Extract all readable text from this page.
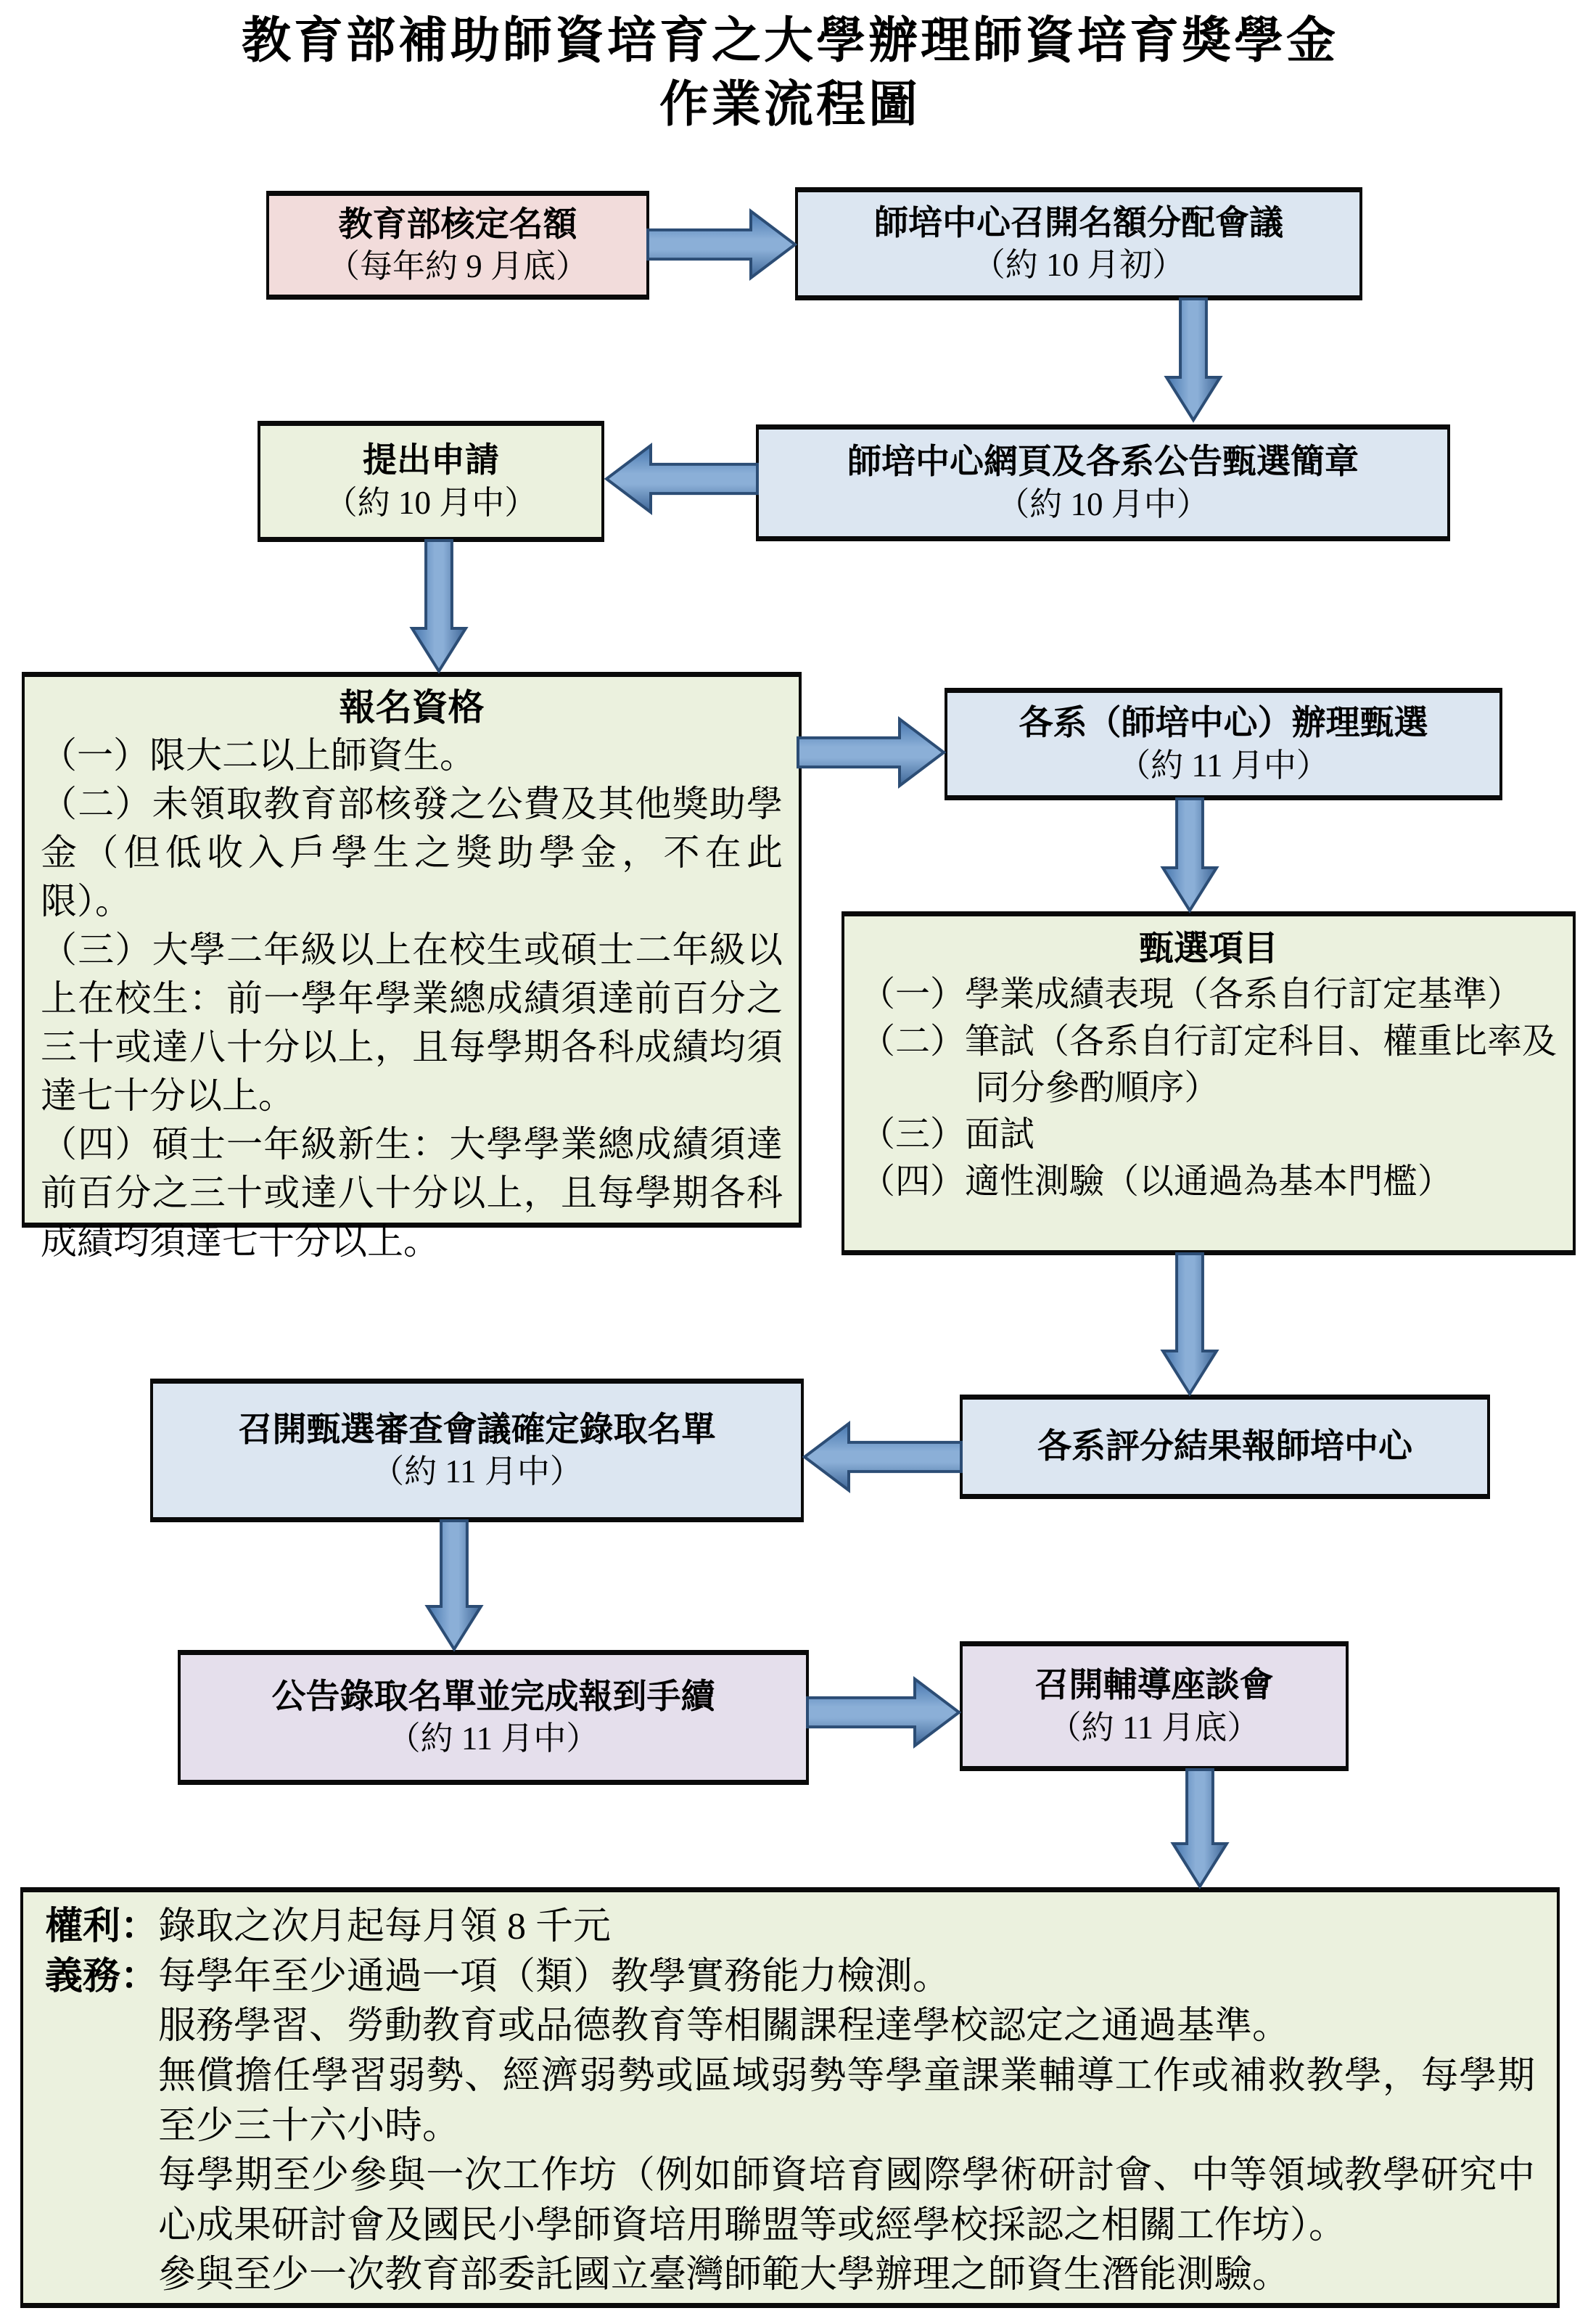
教育部補助師資培育之大學辦理師資培育獎學金
作業流程圖
教育部核定名額
（每年約 9 月底）
師培中心召開名額分配會議
（約 10 月初）
提出申請
（約 10 月中）
師培中心網頁及各系公告甄選簡章
（約 10 月中）
報名資格
（一）限大二以上師資生。
（二）未領取教育部核發之公費及其他獎助學金（但低收入戶學生之獎助學金，不在此限）。
（三）大學二年級以上在校生或碩士二年級以上在校生：前一學年學業總成績須達前百分之三十或達八十分以上，且每學期各科成績均須達七十分以上。
（四）碩士一年級新生：大學學業總成績須達前百分之三十或達八十分以上，且每學期各科成績均須達七十分以上。
各系（師培中心）辦理甄選
（約 11 月中）
甄選項目
（一）學業成績表現（各系自行訂定基準）
（二）筆試（各系自行訂定科目、權重比率及同分參酌順序）
（三）面試
（四）適性測驗（以通過為基本門檻）
召開甄選審查會議確定錄取名單
（約 11 月中）
各系評分結果報師培中心
公告錄取名單並完成報到手續
（約 11 月中）
召開輔導座談會
（約 11 月底）
權利：錄取之次月起每月領 8 千元
義務：每學年至少通過一項（類）教學實務能力檢測。
服務學習、勞動教育或品德教育等相關課程達學校認定之通過基準。
無償擔任學習弱勢、經濟弱勢或區域弱勢等學童課業輔導工作或補救教學，每學期至少三十六小時。
每學期至少參與一次工作坊（例如師資培育國際學術研討會、中等領域教學研究中心成果研討會及國民小學師資培用聯盟等或經學校採認之相關工作坊）。
參與至少一次教育部委託國立臺灣師範大學辦理之師資生潛能測驗。
